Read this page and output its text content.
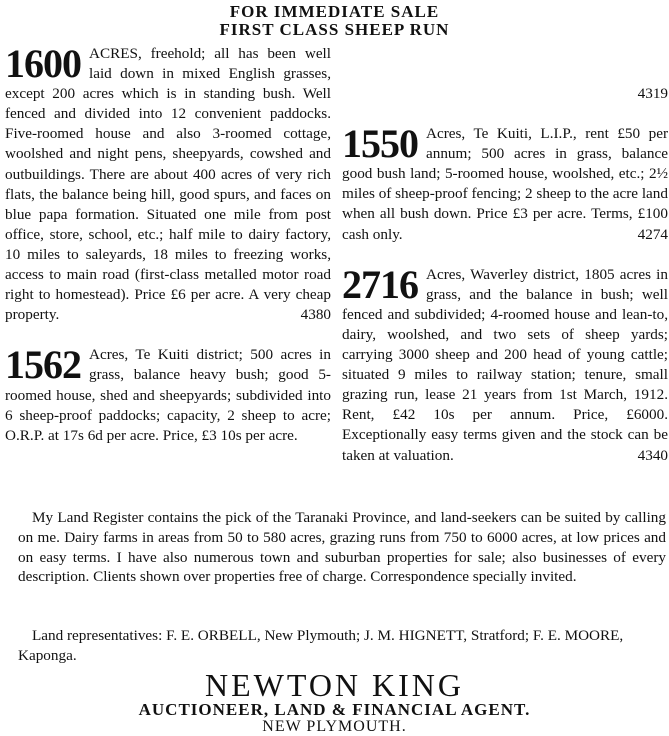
FOR IMMEDIATE SALE
FIRST CLASS SHEEP RUN
1600 ACRES, freehold; all has been well laid down in mixed English grasses, except 200 acres which is in standing bush. Well fenced and divided into 12 convenient paddocks. Five-roomed house and also 3-roomed cottage, woolshed and night pens, sheepyards, cowshed and outbuildings. There are about 400 acres of very rich flats, the balance being hill, good spurs, and faces on blue papa formation. Situated one mile from post office, store, school, etc.; half mile to dairy factory, 10 miles to saleyards, 18 miles to freezing works, access to main road (first-class metalled motor road right to homestead). Price £6 per acre. A very cheap property.	4380
1562 Acres, Te Kuiti district; 500 acres in grass, balance heavy bush; good 5-roomed house, shed and sheepyards; subdivided into 6 sheep-proof paddocks; capacity, 2 sheep to acre; O.R.P. at 17s 6d per acre. Price, £3 10s per acre.
4319
1550 Acres, Te Kuiti, L.I.P., rent £50 per annum; 500 acres in grass, balance good bush land; 5-roomed house, woolshed, etc.; 2½ miles of sheep-proof fencing; 2 sheep to the acre land when all bush down. Price £3 per acre. Terms, £100 cash only.	4274
2716 Acres, Waverley district, 1805 acres in grass, and the balance in bush; well fenced and subdivided; 4-roomed house and lean-to, dairy, woolshed, and two sets of sheep yards; carrying 3000 sheep and 200 head of young cattle; situated 9 miles to railway station; tenure, small grazing run, lease 21 years from 1st March, 1912. Rent, £42 10s per annum. Price, £6000. Exceptionally easy terms given and the stock can be taken at valuation.	4340
My Land Register contains the pick of the Taranaki Province, and land-seekers can be suited by calling on me. Dairy farms in areas from 50 to 580 acres, grazing runs from 750 to 6000 acres, at low prices and on easy terms. I have also numerous town and suburban properties for sale; also businesses of every description. Clients shown over properties free of charge. Correspondence specially invited.
Land representatives: F. E. ORBELL, New Plymouth; J. M. HIGNETT, Stratford; F. E. MOORE, Kaponga.
NEWTON KING
AUCTIONEER, LAND & FINANCIAL AGENT.
NEW PLYMOUTH.
